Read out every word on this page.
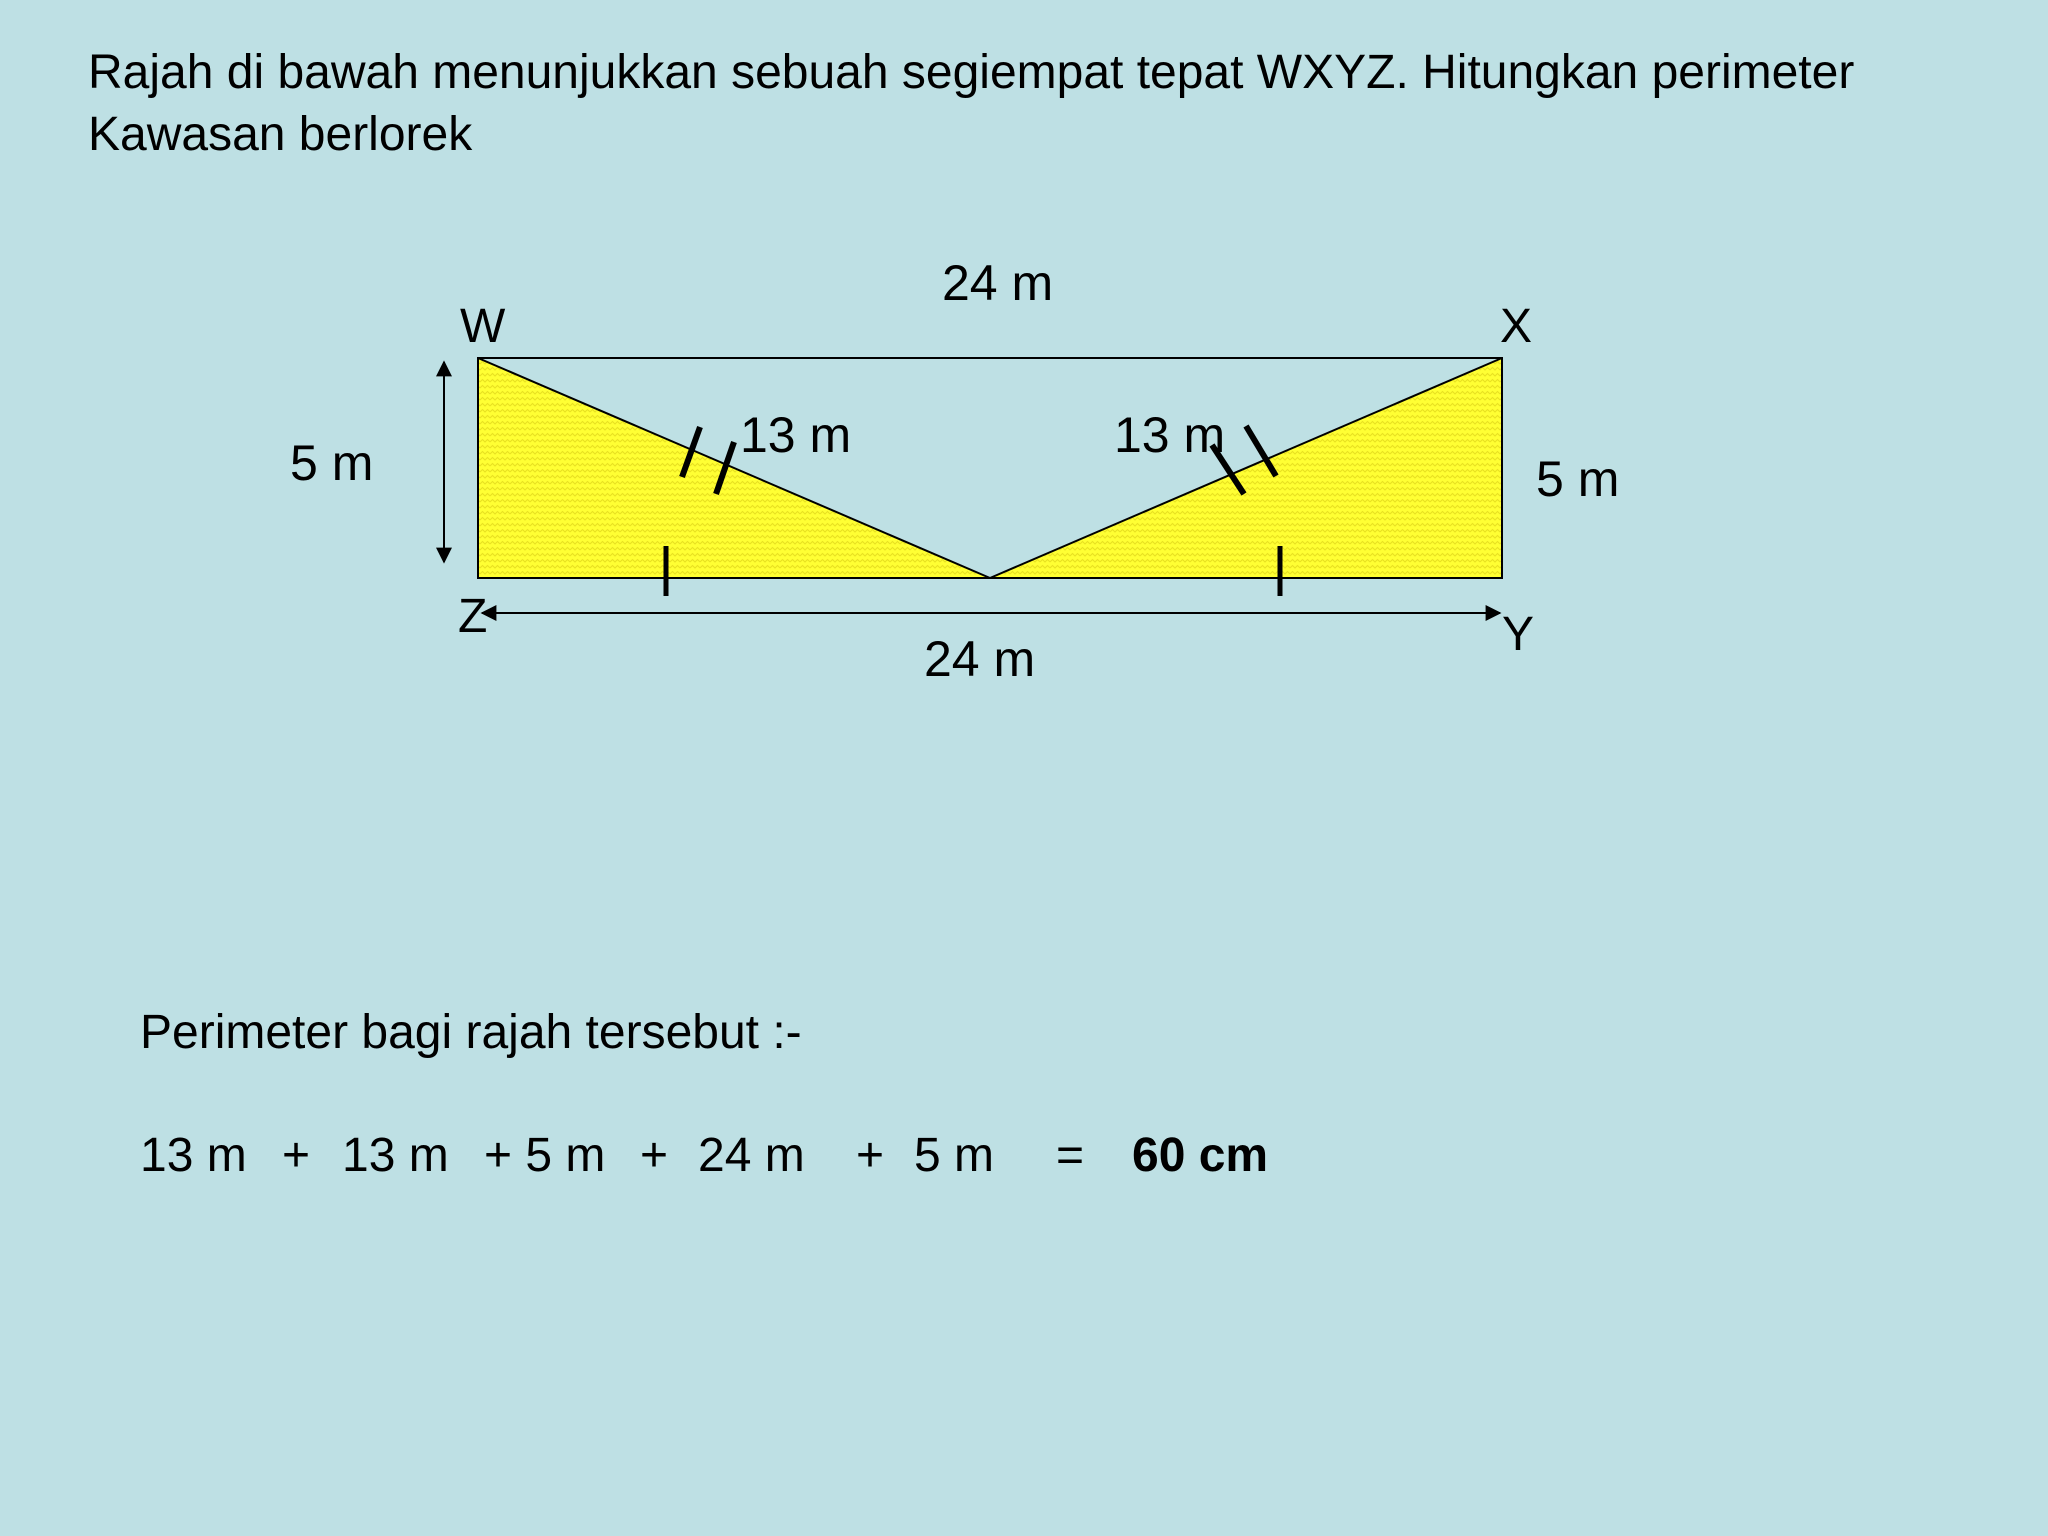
Rajah di bawah menunjukkan sebuah segiempat tepat WXYZ. Hitungkan perimeter
Kawasan berlorek
W	X
Z	Y
24 m
24 m
5 m	5 m
13 m	13 m
Perimeter bagi rajah tersebut :-
13 m + 13 m + 5 m + 24 m + 5 m = 60 cm
